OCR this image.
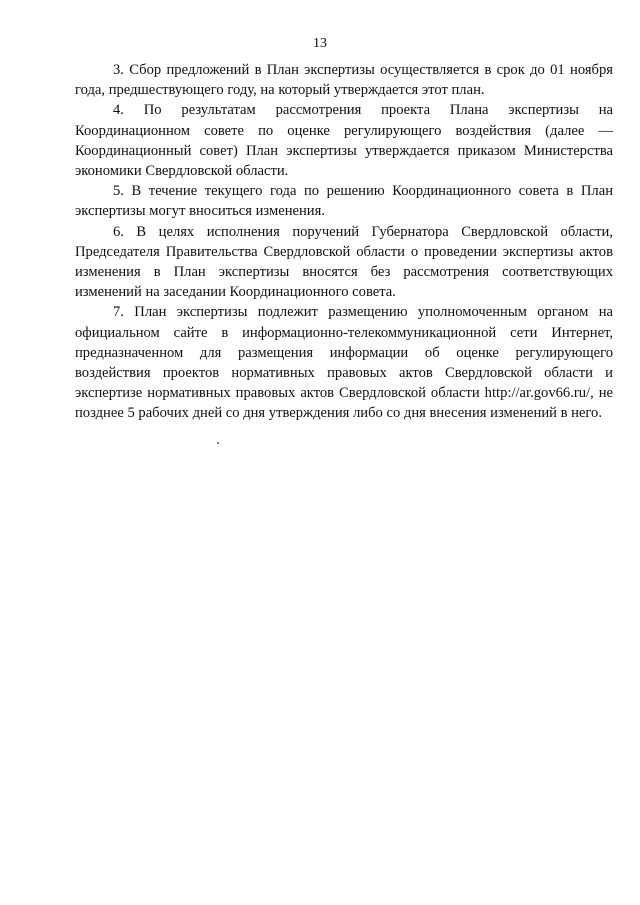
13

3. Сбор предложений в План экспертизы осуществляется в срок до 01 ноября года, предшествующего году, на который утверждается этот план.

4. По результатам рассмотрения проекта Плана экспертизы на Координационном совете по оценке регулирующего воздействия (далее — Координационный совет) План экспертизы утверждается приказом Министерства экономики Свердловской области.

5. В течение текущего года по решению Координационного совета в План экспертизы могут вноситься изменения.

6. В целях исполнения поручений Губернатора Свердловской области, Председателя Правительства Свердловской области о проведении экспертизы актов изменения в План экспертизы вносятся без рассмотрения соответствующих изменений на заседании Координационного совета.

7. План экспертизы подлежит размещению уполномоченным органом на официальном сайте в информационно-телекоммуникационной сети Интернет, предназначенном для размещения информации об оценке регулирующего воздействия проектов нормативных правовых актов Свердловской области и экспертизе нормативных правовых актов Свердловской области http://ar.gov66.ru/, не позднее 5 рабочих дней со дня утверждения либо со дня внесения изменений в него.
